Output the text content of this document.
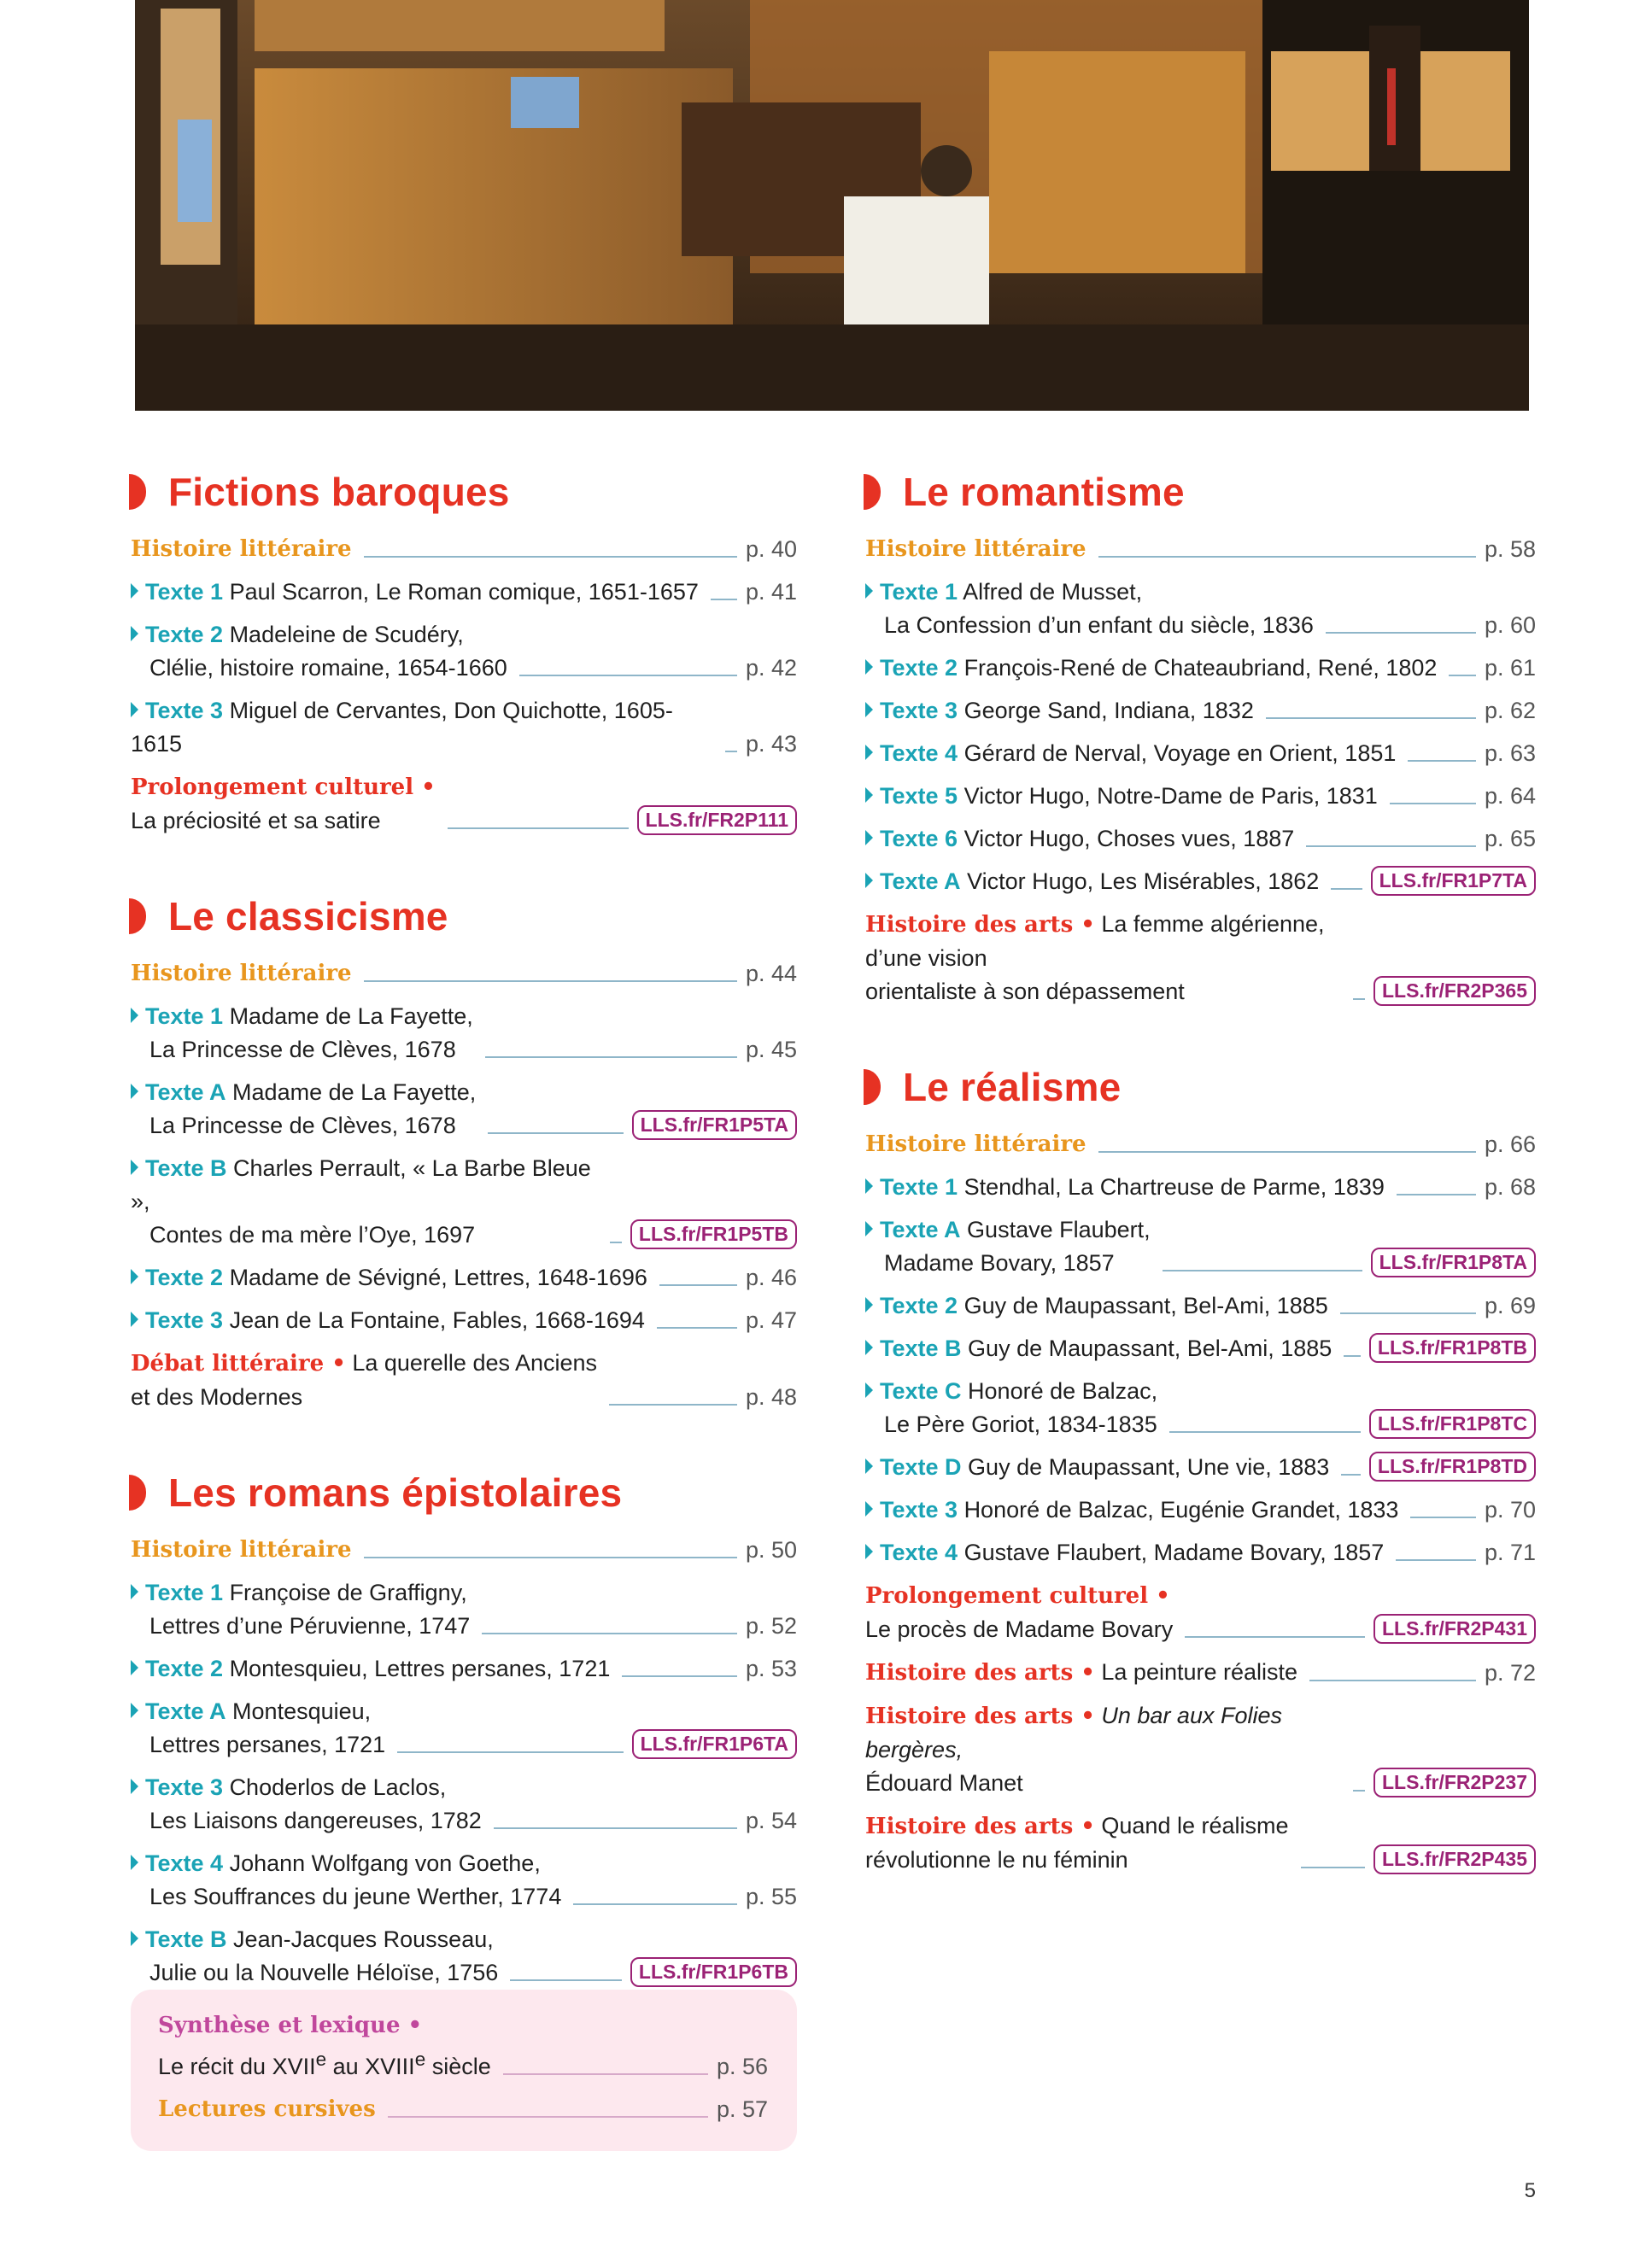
Fictions baroques
Histoire littéraire	p. 40
Texte 1 Paul Scarron, Le Roman comique, 1651-1657 p. 41
Texte 2 Madeleine de Scudéry,
Clélie, histoire romaine, 1654-1660	p. 42
Texte 3 Miguel de Cervantes, Don Quichotte, 1605-1615	p. 43
Prolongement culturel •
La préciosité et sa satire	LLS.fr/FR2P111
Le classicisme
Histoire littéraire	p. 44
Texte 1 Madame de La Fayette,
La Princesse de Clèves, 1678	p. 45
Texte A Madame de La Fayette,
La Princesse de Clèves, 1678	LLS.fr/FR1P5TA
Texte B Charles Perrault, « La Barbe Bleue »,
Contes de ma mère l’Oye, 1697	LLS.fr/FR1P5TB
Texte 2 Madame de Sévigné, Lettres, 1648-1696	p. 46
Texte 3 Jean de La Fontaine, Fables, 1668-1694	p. 47
Débat littéraire • La querelle des Anciens
et des Modernes	p. 48
Les romans épistolaires
Histoire littéraire	p. 50
Texte 1 Françoise de Graffigny,
Lettres d’une Péruvienne, 1747	p. 52
Texte 2 Montesquieu, Lettres persanes, 1721	p. 53
Texte A Montesquieu,
Lettres persanes, 1721	LLS.fr/FR1P6TA
Texte 3 Choderlos de Laclos,
Les Liaisons dangereuses, 1782	p. 54
Texte 4 Johann Wolfgang von Goethe,
Les Souffrances du jeune Werther, 1774	p. 55
Texte B Jean-Jacques Rousseau,
Julie ou la Nouvelle Héloïse, 1756	LLS.fr/FR1P6TB
Synthèse et lexique •
Le récit du XVIIe au XVIIIe siècle	p. 56
Lectures cursives	p. 57
Le romantisme
Histoire littéraire	p. 58
Texte 1 Alfred de Musset,
La Confession d’un enfant du siècle, 1836	p. 60
Texte 2 François-René de Chateaubriand, René, 1802 p. 61
Texte 3 George Sand, Indiana, 1832	p. 62
Texte 4 Gérard de Nerval, Voyage en Orient, 1851	p. 63
Texte 5 Victor Hugo, Notre-Dame de Paris, 1831	p. 64
Texte 6 Victor Hugo, Choses vues, 1887	p. 65
Texte A Victor Hugo, Les Misérables, 1862	LLS.fr/FR1P7TA
Histoire des arts • La femme algérienne, d’une vision
orientaliste à son dépassement	LLS.fr/FR2P365
Le réalisme
Histoire littéraire	p. 66
Texte 1 Stendhal, La Chartreuse de Parme, 1839	p. 68
Texte A Gustave Flaubert,
Madame Bovary, 1857	LLS.fr/FR1P8TA
Texte 2 Guy de Maupassant, Bel-Ami, 1885	p. 69
Texte B Guy de Maupassant, Bel-Ami, 1885	LLS.fr/FR1P8TB
Texte C Honoré de Balzac,
Le Père Goriot, 1834-1835	LLS.fr/FR1P8TC
Texte D Guy de Maupassant, Une vie, 1883	LLS.fr/FR1P8TD
Texte 3 Honoré de Balzac, Eugénie Grandet, 1833	p. 70
Texte 4 Gustave Flaubert, Madame Bovary, 1857	p. 71
Prolongement culturel •
Le procès de Madame Bovary	LLS.fr/FR2P431
Histoire des arts • La peinture réaliste	p. 72
Histoire des arts • Un bar aux Folies bergères,
Édouard Manet	LLS.fr/FR2P237
Histoire des arts • Quand le réalisme
révolutionne le nu féminin	LLS.fr/FR2P435
5
